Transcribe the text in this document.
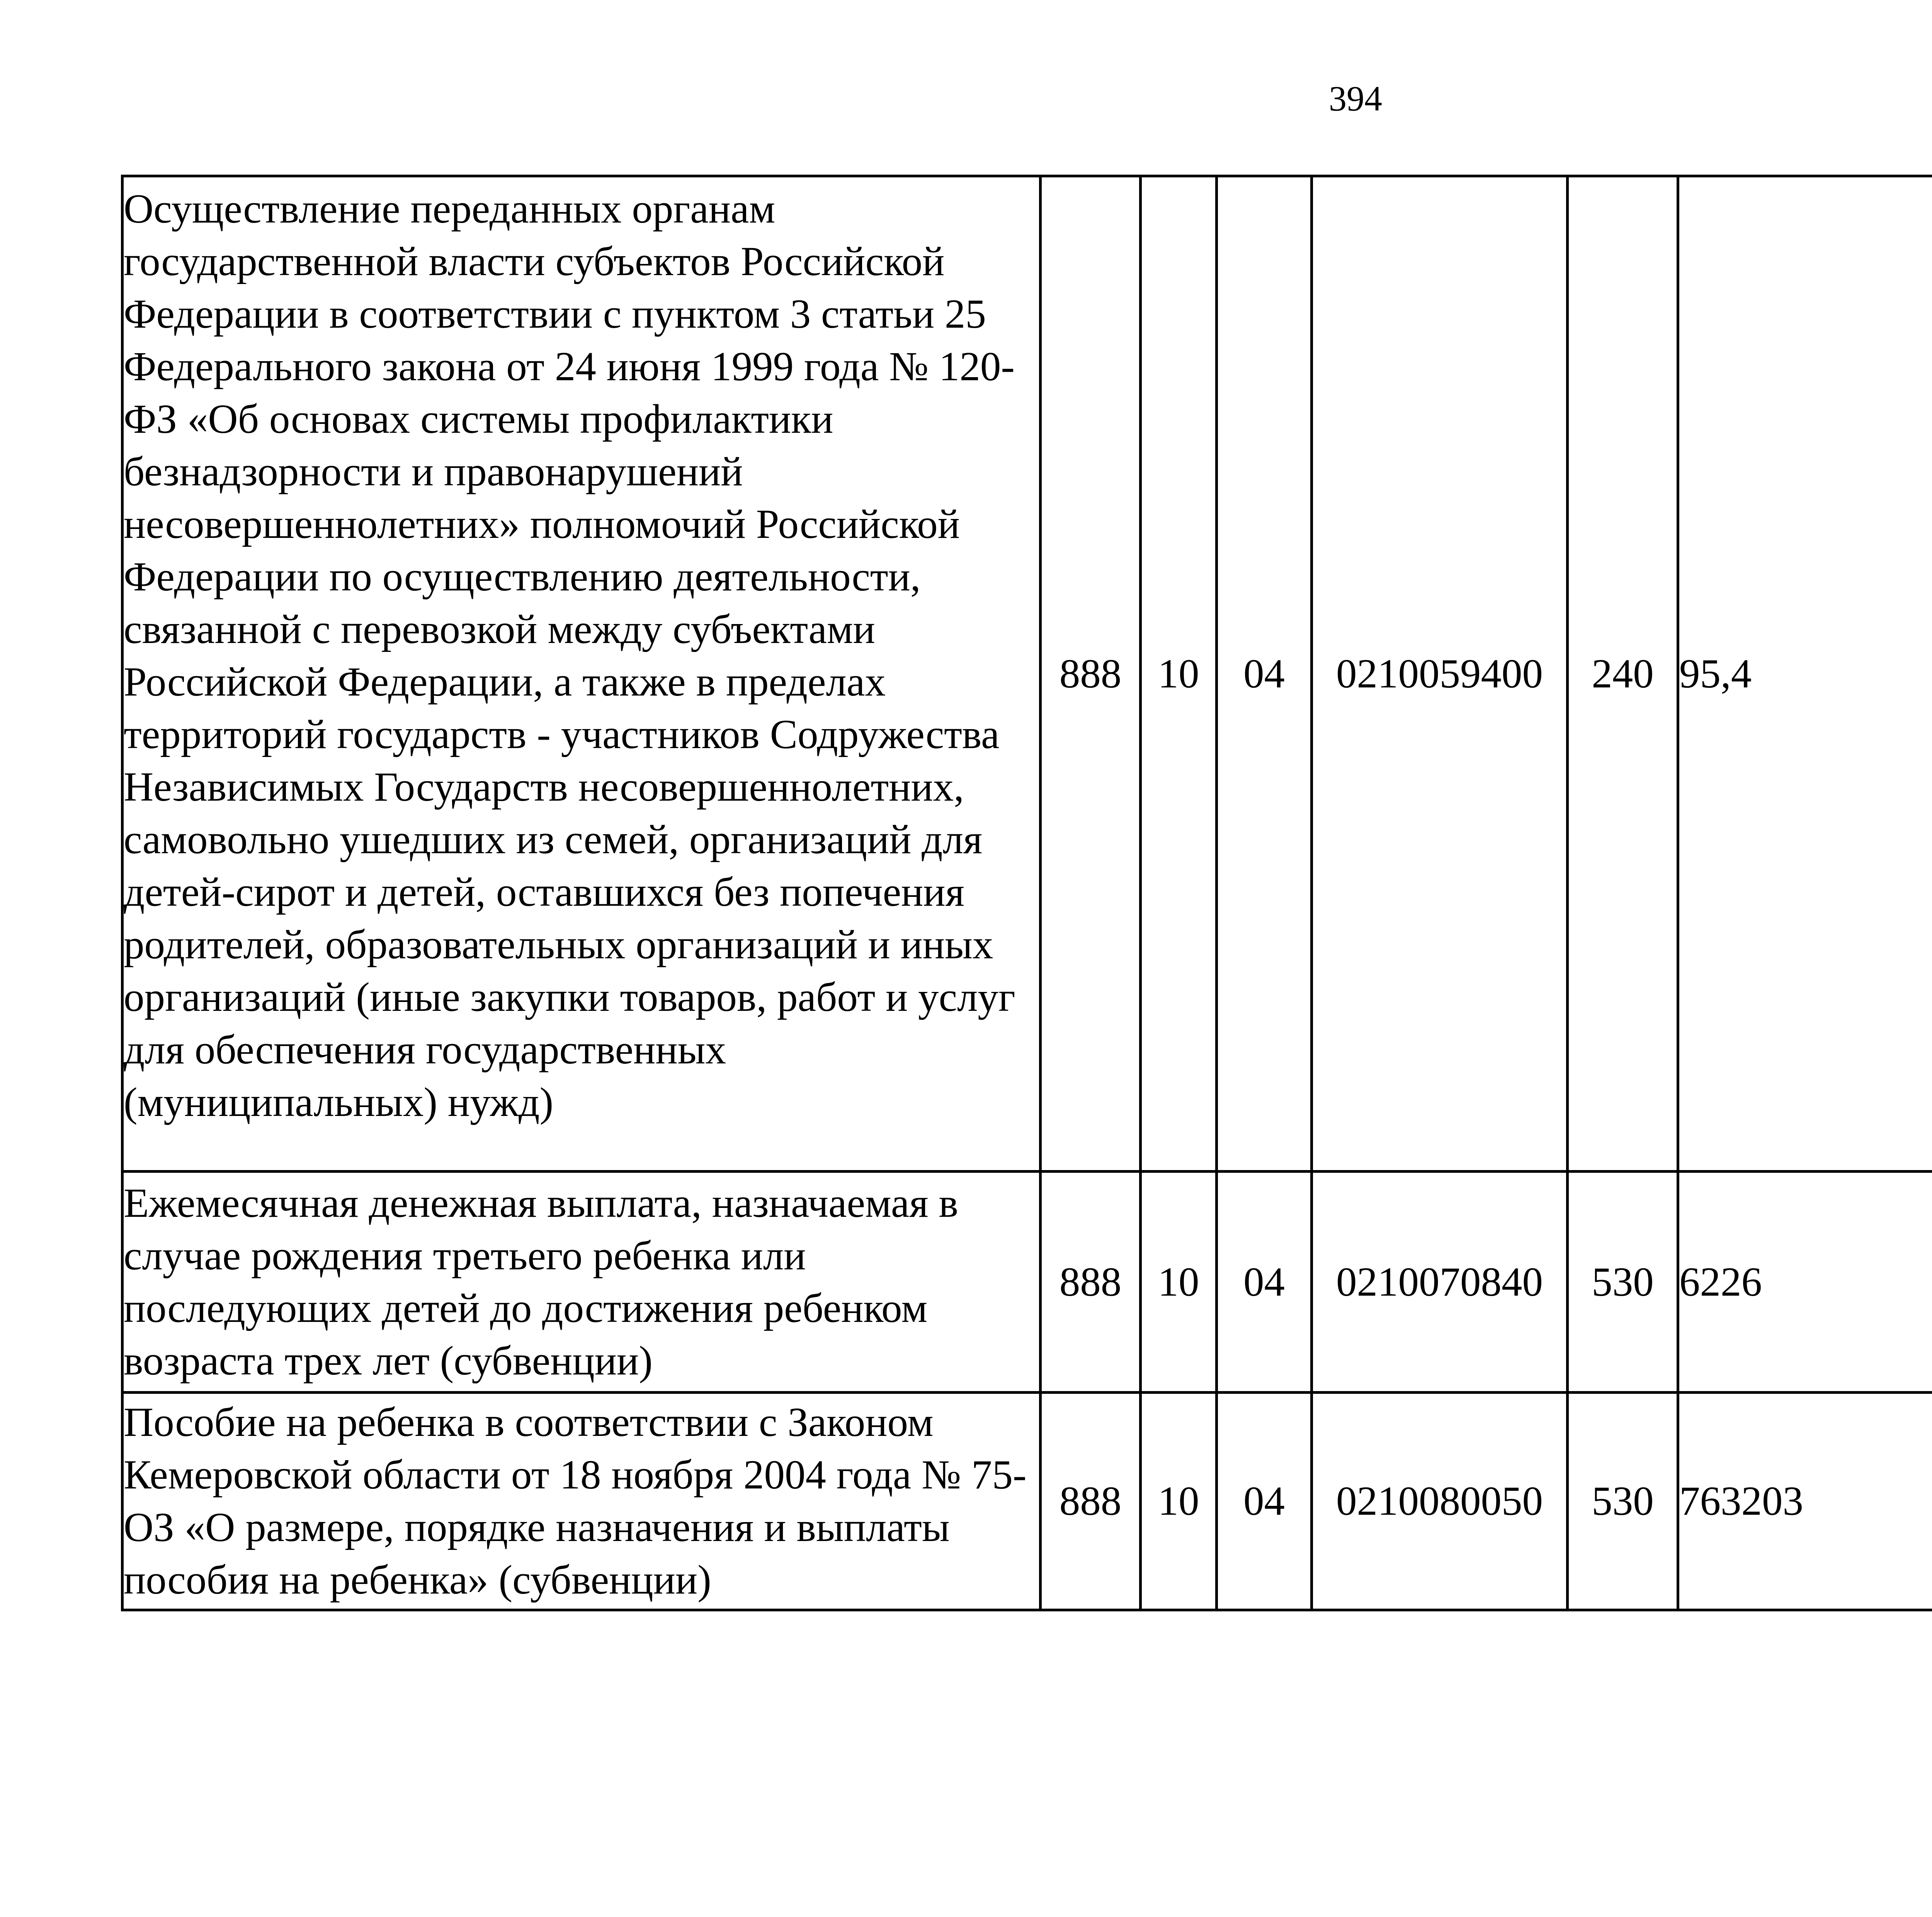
394
Осуществление переданных органам государственной власти субъектов Российской Федерации в соответствии с пунктом 3 статьи 25 Федерального закона от 24 июня 1999 года № 120-ФЗ «Об основах системы профилактики безнадзорности и правонарушений несовершеннолетних» полномочий Российской Федерации по осуществлению деятельности, связанной с перевозкой между субъектами Российской Федерации, а также в пределах территорий государств - участников Содружества Независимых Государств несовершеннолетних, самовольно ушедших из семей, организаций для детей-сирот и детей, оставшихся без попечения родителей, образовательных организаций и иных организаций (иные закупки товаров, работ и услуг для обеспечения государственных (муниципальных) нужд)	888	10	04	0210059400	240	95,4		
Ежемесячная денежная выплата, назначаемая в случае рождения третьего ребенка или последующих детей до достижения ребенком возраста трех лет (субвенции)	888	10	04	0210070840	530	6226		
Пособие на ребенка в соответствии с Законом Кемеровской области от 18 ноября 2004 года № 75-ОЗ «О размере, порядке назначения и выплаты пособия на ребенка» (субвенции)	888	10	04	0210080050	530	763203		
